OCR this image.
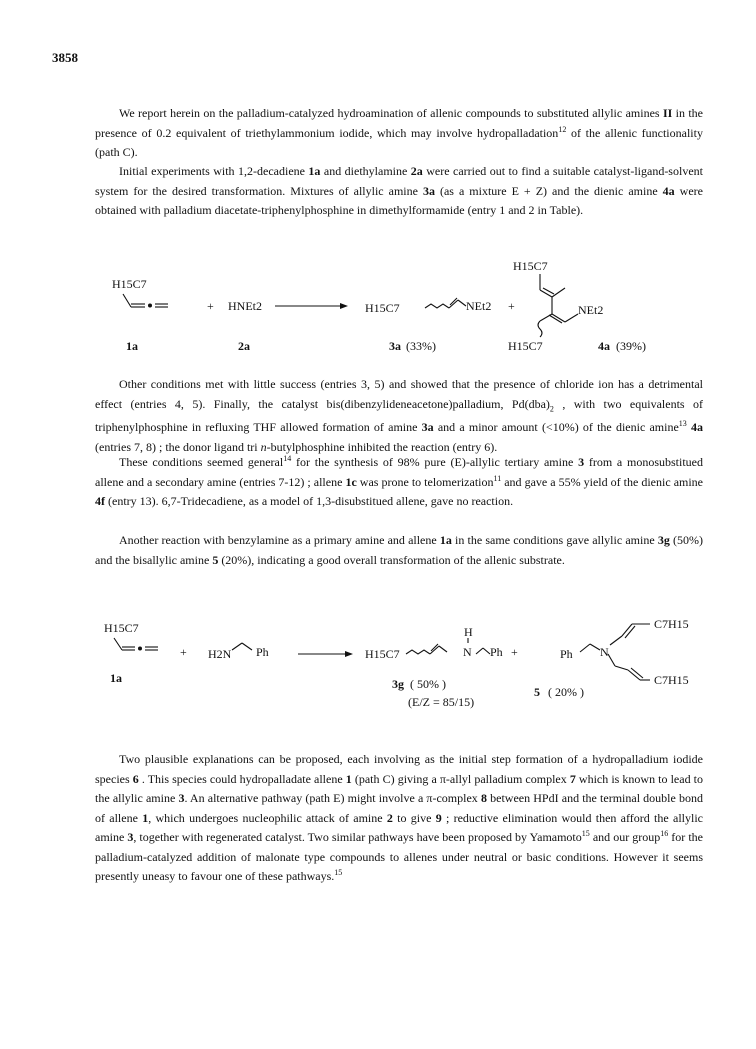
3858

We report herein on the palladium-catalyzed hydroamination of allenic compounds to substituted allylic amines II in the presence of 0.2 equivalent of triethylammonium iodide, which may involve hydropalladation$^{12}$ of the allenic functionality (path C).

Initial experiments with 1,2-decadiene 1a and diethylamine 2a were carried out to find a suitable catalyst-ligand-solvent system for the desired transformation. Mixtures of allylic amine 3a (as a mixture E + Z) and the dienic amine 4a were obtained with palladium diacetate-triphenylphosphine in dimethylformamide (entry 1 and 2 in Table).

H15C7
+ HNEt2	H15C7	NEt2 +
H15C7
NEt2
H15C7
1a	2a	3a (33%)	4a (39%)

Other conditions met with little success (entries 3, 5) and showed that the presence of chloride ion has a detrimental effect (entries 4, 5). Finally, the catalyst bis(dibenzylideneacetone)palladium, $Pd(dba)_2$ , with two equivalents of triphenylphosphine in refluxing THF allowed formation of amine 3a and a minor amount (<10%) of the dienic amine$^{13}$ 4a (entries 7, 8) ; the donor ligand tri n-butylphosphine inhibited the reaction (entry 6).

These conditions seemed general$^{14}$ for the synthesis of 98% pure (E)-allylic tertiary amine 3 from a monosubstitued allene and a secondary amine (entries 7-12) ; allene 1c was prone to telomerization$^{11}$ and gave a 55% yield of the dienic amine 4f (entry 13). 6,7-Tridecadiene, as a model of 1,3-disubstitued allene, gave no reaction.

Another reaction with benzylamine as a primary amine and allene 1a in the same conditions gave allylic amine 3g (50%) and the bisallylic amine 5 (20%), indicating a good overall transformation of the allenic substrate.

H15C7
+ H2N Ph
1a
H15C7
H
N Ph +	Ph N
C7H15
C7H15
3g ( 50% )
(E/Z = 85/15)
5 ( 20% )

Two plausible explanations can be proposed, each involving as the initial step formation of a hydropalladium iodide species 6 . This species could hydropalladate allene 1 (path C) giving a π-allyl palladium complex 7 which is known to lead to the allylic amine 3. An alternative pathway (path E) might involve a π-complex 8 between HPdI and the terminal double bond of allene 1, which undergoes nucleophilic attack of amine 2 to give 9 ; reductive elimination would then afford the allylic amine 3, together with regenerated catalyst. Two similar pathways have been proposed by Yamamoto$^{15}$ and our group$^{16}$ for the palladium-catalyzed addition of malonate type compounds to allenes under neutral or basic conditions. However it seems presently uneasy to favour one of these pathways.$^{15}$
